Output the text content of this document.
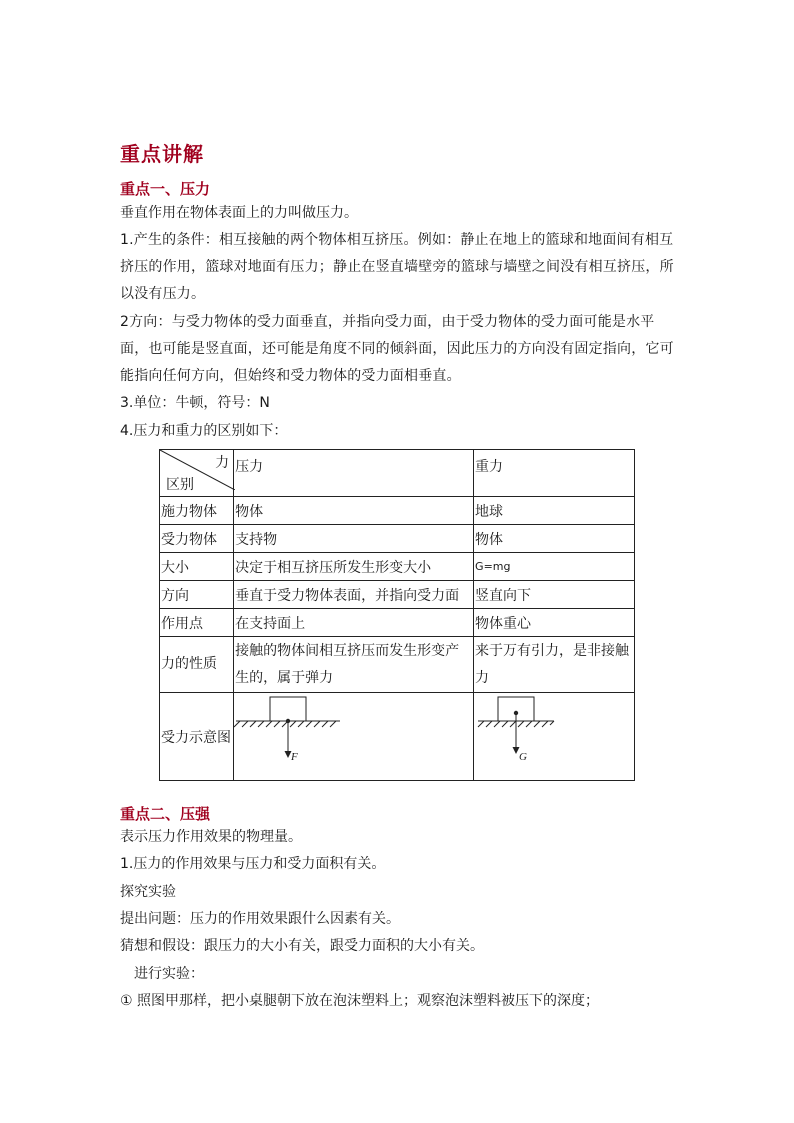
重点讲解
重点一、压力

垂直作用在物体表面上的力叫做压力。

1.产生的条件：相互接触的两个物体相互挤压。例如：静止在地上的篮球和地面间有相互挤压的作用，篮球对地面有压力；静止在竖直墙壁旁的篮球与墙壁之间没有相互挤压，所以没有压力。

2方向：与受力物体的受力面垂直，并指向受力面，由于受力物体的受力面可能是水平面，也可能是竖直面，还可能是角度不同的倾斜面，因此压力的方向没有固定指向，它可能指向任何方向，但始终和受力物体的受力面相垂直。

3.单位：牛顿，符号：N

4.压力和重力的区别如下：

力
区别	压力	重力
施力物体	物体	地球
受力物体	支持物	物体
大小	决定于相互挤压所发生形变大小	G=mg
方向	垂直于受力物体表面，并指向受力面	竖直向下
作用点	在支持面上	物体重心
力的性质	接触的物体间相互挤压而发生形变产生的，属于弹力	来于万有引力，是非接触力
受力示意图	F	G
重点二、压强

表示压力作用效果的物理量。

1.压力的作用效果与压力和受力面积有关。

探究实验

提出问题：压力的作用效果跟什么因素有关。

猜想和假设：跟压力的大小有关，跟受力面积的大小有关。

进行实验：

① 照图甲那样，把小桌腿朝下放在泡沫塑料上；观察泡沫塑料被压下的深度；
